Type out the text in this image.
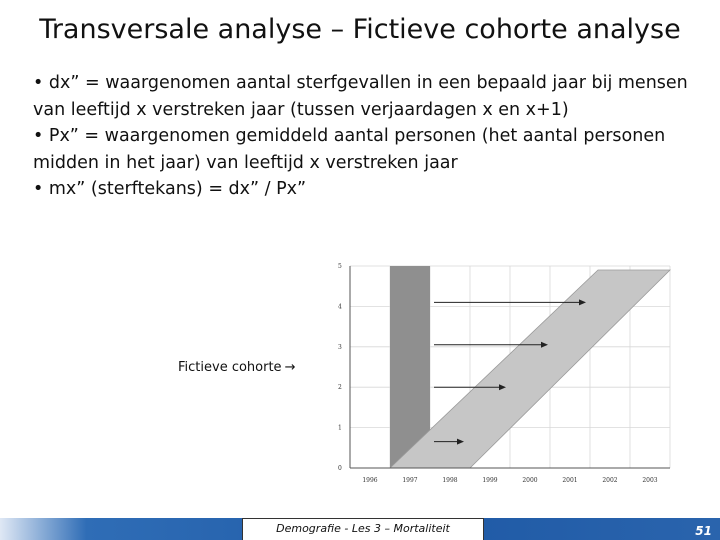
Transversale analyse – Fictieve cohorte analyse

• dx” = waargenomen aantal sterfgevallen in een bepaald jaar bij mensen van leeftijd x verstreken jaar (tussen verjaardagen x en x+1)

• Px” = waargenomen gemiddeld aantal personen (het aantal personen midden in het jaar) van leeftijd x verstreken jaar

• mx” (sterftekans) = dx” / Px”

Fictieve cohorte →
0
1
2
3
4
5
1996	1997	1998	1999	2000	2001	2002	2003
Demografie - Les 3 – Mortaliteit	51
